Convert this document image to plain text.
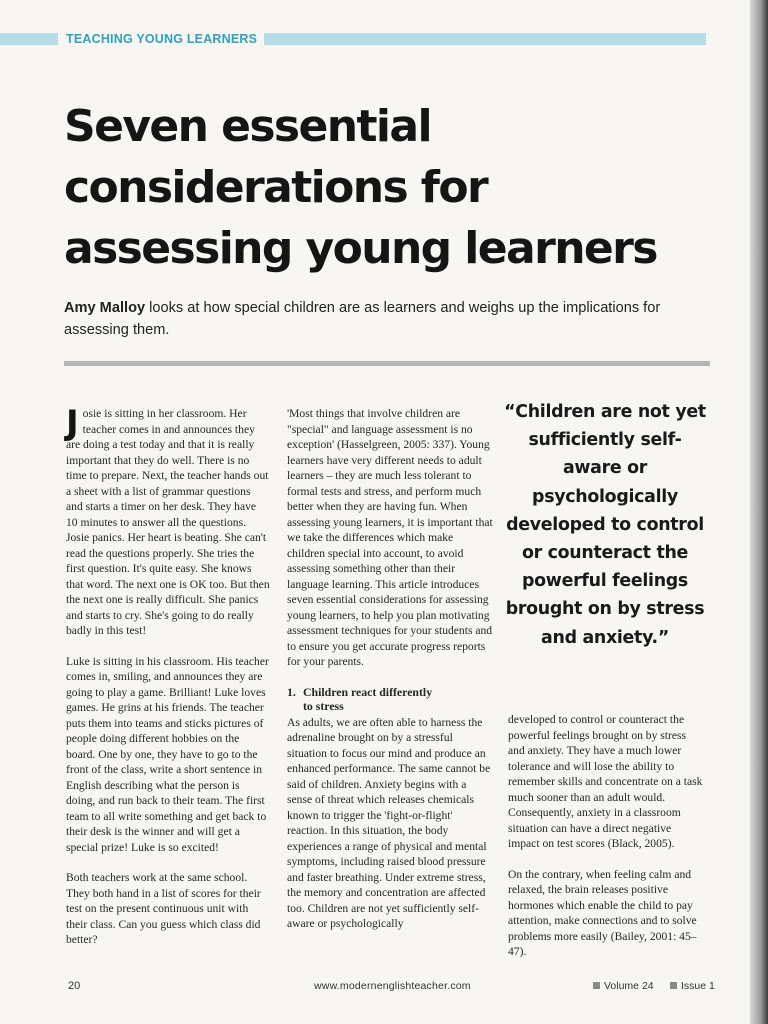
TEACHING YOUNG LEARNERS
Seven essential
considerations for
assessing young learners

Amy Malloy looks at how special children are as learners and weighs up the implications for assessing them.

Josie is sitting in her classroom. Her teacher comes in and announces they are doing a test today and that it is really important that they do well. There is no time to prepare. Next, the teacher hands out a sheet with a list of grammar questions and starts a timer on her desk. They have 10 minutes to answer all the questions. Josie panics. Her heart is beating. She can't read the questions properly. She tries the first question. It's quite easy. She knows that word. The next one is OK too. But then the next one is really difficult. She panics and starts to cry. She's going to do really badly in this test!

Luke is sitting in his classroom. His teacher comes in, smiling, and announces they are going to play a game. Brilliant! Luke loves games. He grins at his friends. The teacher puts them into teams and sticks pictures of people doing different hobbies on the board. One by one, they have to go to the front of the class, write a short sentence in English describing what the person is doing, and run back to their team. The first team to all write something and get back to their desk is the winner and will get a special prize! Luke is so excited!

Both teachers work at the same school. They both hand in a list of scores for their test on the present continuous unit with their class. Can you guess which class did better?

'Most things that involve children are "special" and language assessment is no exception' (Hasselgreen, 2005: 337). Young learners have very different needs to adult learners – they are much less tolerant to formal tests and stress, and perform much better when they are having fun. When assessing young learners, it is important that we take the differences which make children special into account, to avoid assessing something other than their language learning. This article introduces seven essential considerations for assessing young learners, to help you plan motivating assessment techniques for your students and to ensure you get accurate progress reports for your parents.

1. Children react differently
to stress

As adults, we are often able to harness the adrenaline brought on by a stressful situation to focus our mind and produce an enhanced performance. The same cannot be said of children. Anxiety begins with a sense of threat which releases chemicals known to trigger the 'fight-or-flight' reaction. In this situation, the body experiences a range of physical and mental symptoms, including raised blood pressure and faster breathing. Under extreme stress, the memory and concentration are affected too. Children are not yet sufficiently self-aware or psychologically

“Children are not yet sufficiently self-aware or psychologically developed to control or counteract the powerful feelings brought on by stress and anxiety.”

developed to control or counteract the powerful feelings brought on by stress and anxiety. They have a much lower tolerance and will lose the ability to remember skills and concentrate on a task much sooner than an adult would. Consequently, anxiety in a classroom situation can have a direct negative impact on test scores (Black, 2005).

On the contrary, when feeling calm and relaxed, the brain releases positive hormones which enable the child to pay attention, make connections and to solve problems more easily (Bailey, 2001: 45–47).

20	www.modernenglishteacher.com	Volume 24	Issue 1
